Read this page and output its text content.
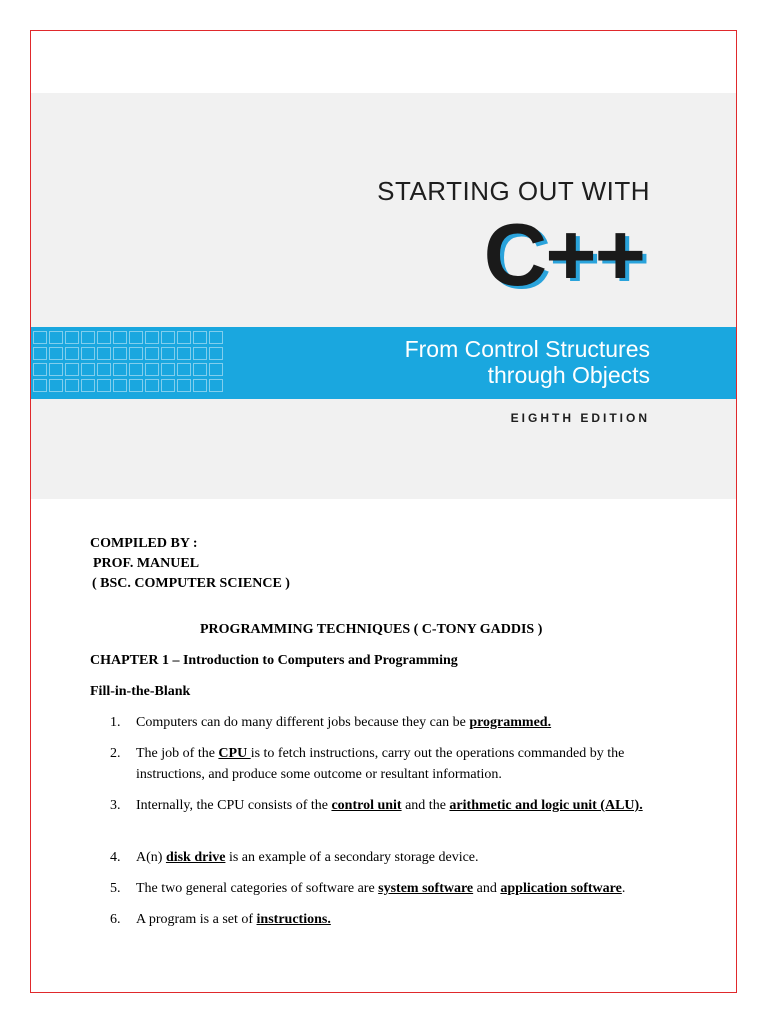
STARTING OUT WITH
C++
From Control Structures
through Objects
EIGHTH EDITION
COMPILED BY :
PROF. MANUEL
( BSC. COMPUTER SCIENCE )
PROGRAMMING TECHNIQUES ( C-TONY GADDIS )
CHAPTER 1 – Introduction to Computers and Programming
Fill-in-the-Blank
1. Computers can do many different jobs because they can be programmed.
2. The job of the CPU is to fetch instructions, carry out the operations commanded by the instructions, and produce some outcome or resultant information.
3. Internally, the CPU consists of the control unit and the arithmetic and logic unit (ALU).
4. A(n) disk drive is an example of a secondary storage device.
5. The two general categories of software are system software and application software.
6. A program is a set of instructions.
